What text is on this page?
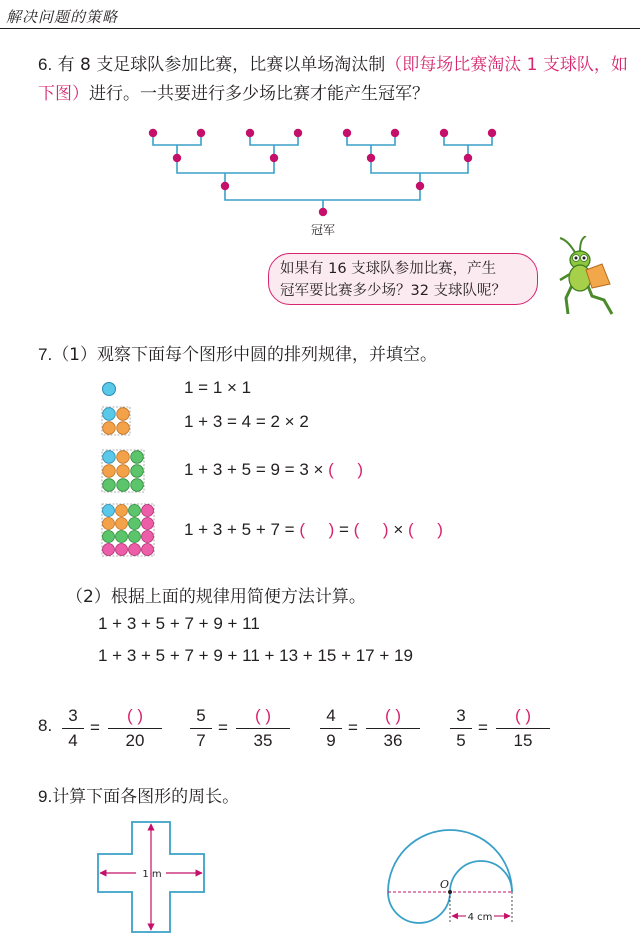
解决问题的策略
6. 有 8 支足球队参加比赛，比赛以单场淘汰制（即每场比赛淘汰 1 支球队，如下图）进行。一共要进行多少场比赛才能产生冠军？
冠军
如果有 16 支球队参加比赛，产生
冠军要比赛多少场？32 支球队呢？
7.（1）观察下面每个图形中圆的排列规律，并填空。
1 = 1 × 1
1 + 3 = 4 = 2 × 2
1 + 3 + 5 = 9 = 3 × (     )
1 + 3 + 5 + 7 = (     ) = (     ) × (     )
（2）根据上面的规律用简便方法计算。
1 + 3 + 5 + 7 + 9 + 11
1 + 3 + 5 + 7 + 9 + 11 + 13 + 15 + 17 + 19
8.
3
4
=
( )
20
5
7
=
( )
35
4
9
=
( )
36
3
5
=
( )
15
9.计算下面各图形的周长。
1 m
O
4 cm
